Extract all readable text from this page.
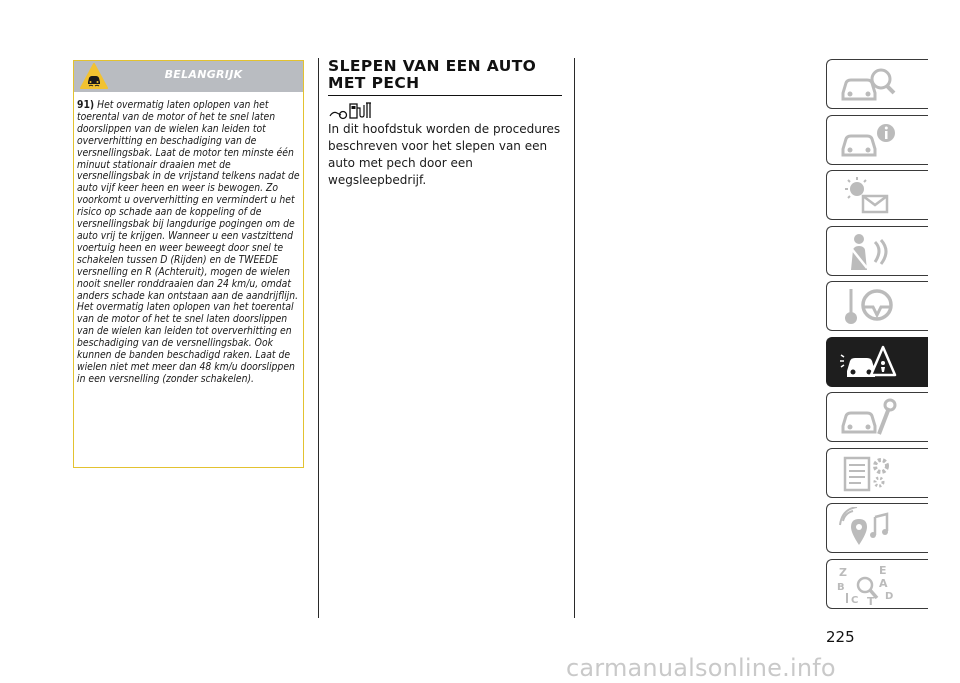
BELANGRIJK
91) Het overmatig laten oplopen van het toerental van de motor of het te snel laten doorslippen van de wielen kan leiden tot oververhitting en beschadiging van de versnellingsbak. Laat de motor ten minste één minuut stationair draaien met de versnellingsbak in de vrijstand telkens nadat de auto vijf keer heen en weer is bewogen. Zo voorkomt u oververhitting en vermindert u het risico op schade aan de koppeling of de versnellingsbak bij langdurige pogingen om de auto vrij te krijgen. Wanneer u een vastzittend voertuig heen en weer beweegt door snel te schakelen tussen D (Rijden) en de TWEEDE versnelling en R (Achteruit), mogen de wielen nooit sneller ronddraaien dan 24 km/u, omdat anders schade kan ontstaan aan de aandrijflijn. Het overmatig laten oplopen van het toerental van de motor of het te snel laten doorslippen van de wielen kan leiden tot oververhitting en beschadiging van de versnellingsbak. Ook kunnen de banden beschadigd raken. Laat de wielen niet met meer dan 48 km/u doorslippen in een versnelling (zonder schakelen).
SLEPEN VAN EEN AUTO MET PECH
In dit hoofdstuk worden de procedures beschreven voor het slepen van een auto met pech door een wegsleepbedrijf.
Z	E
B	A
C	D
T
225
carmanualsonline.info
